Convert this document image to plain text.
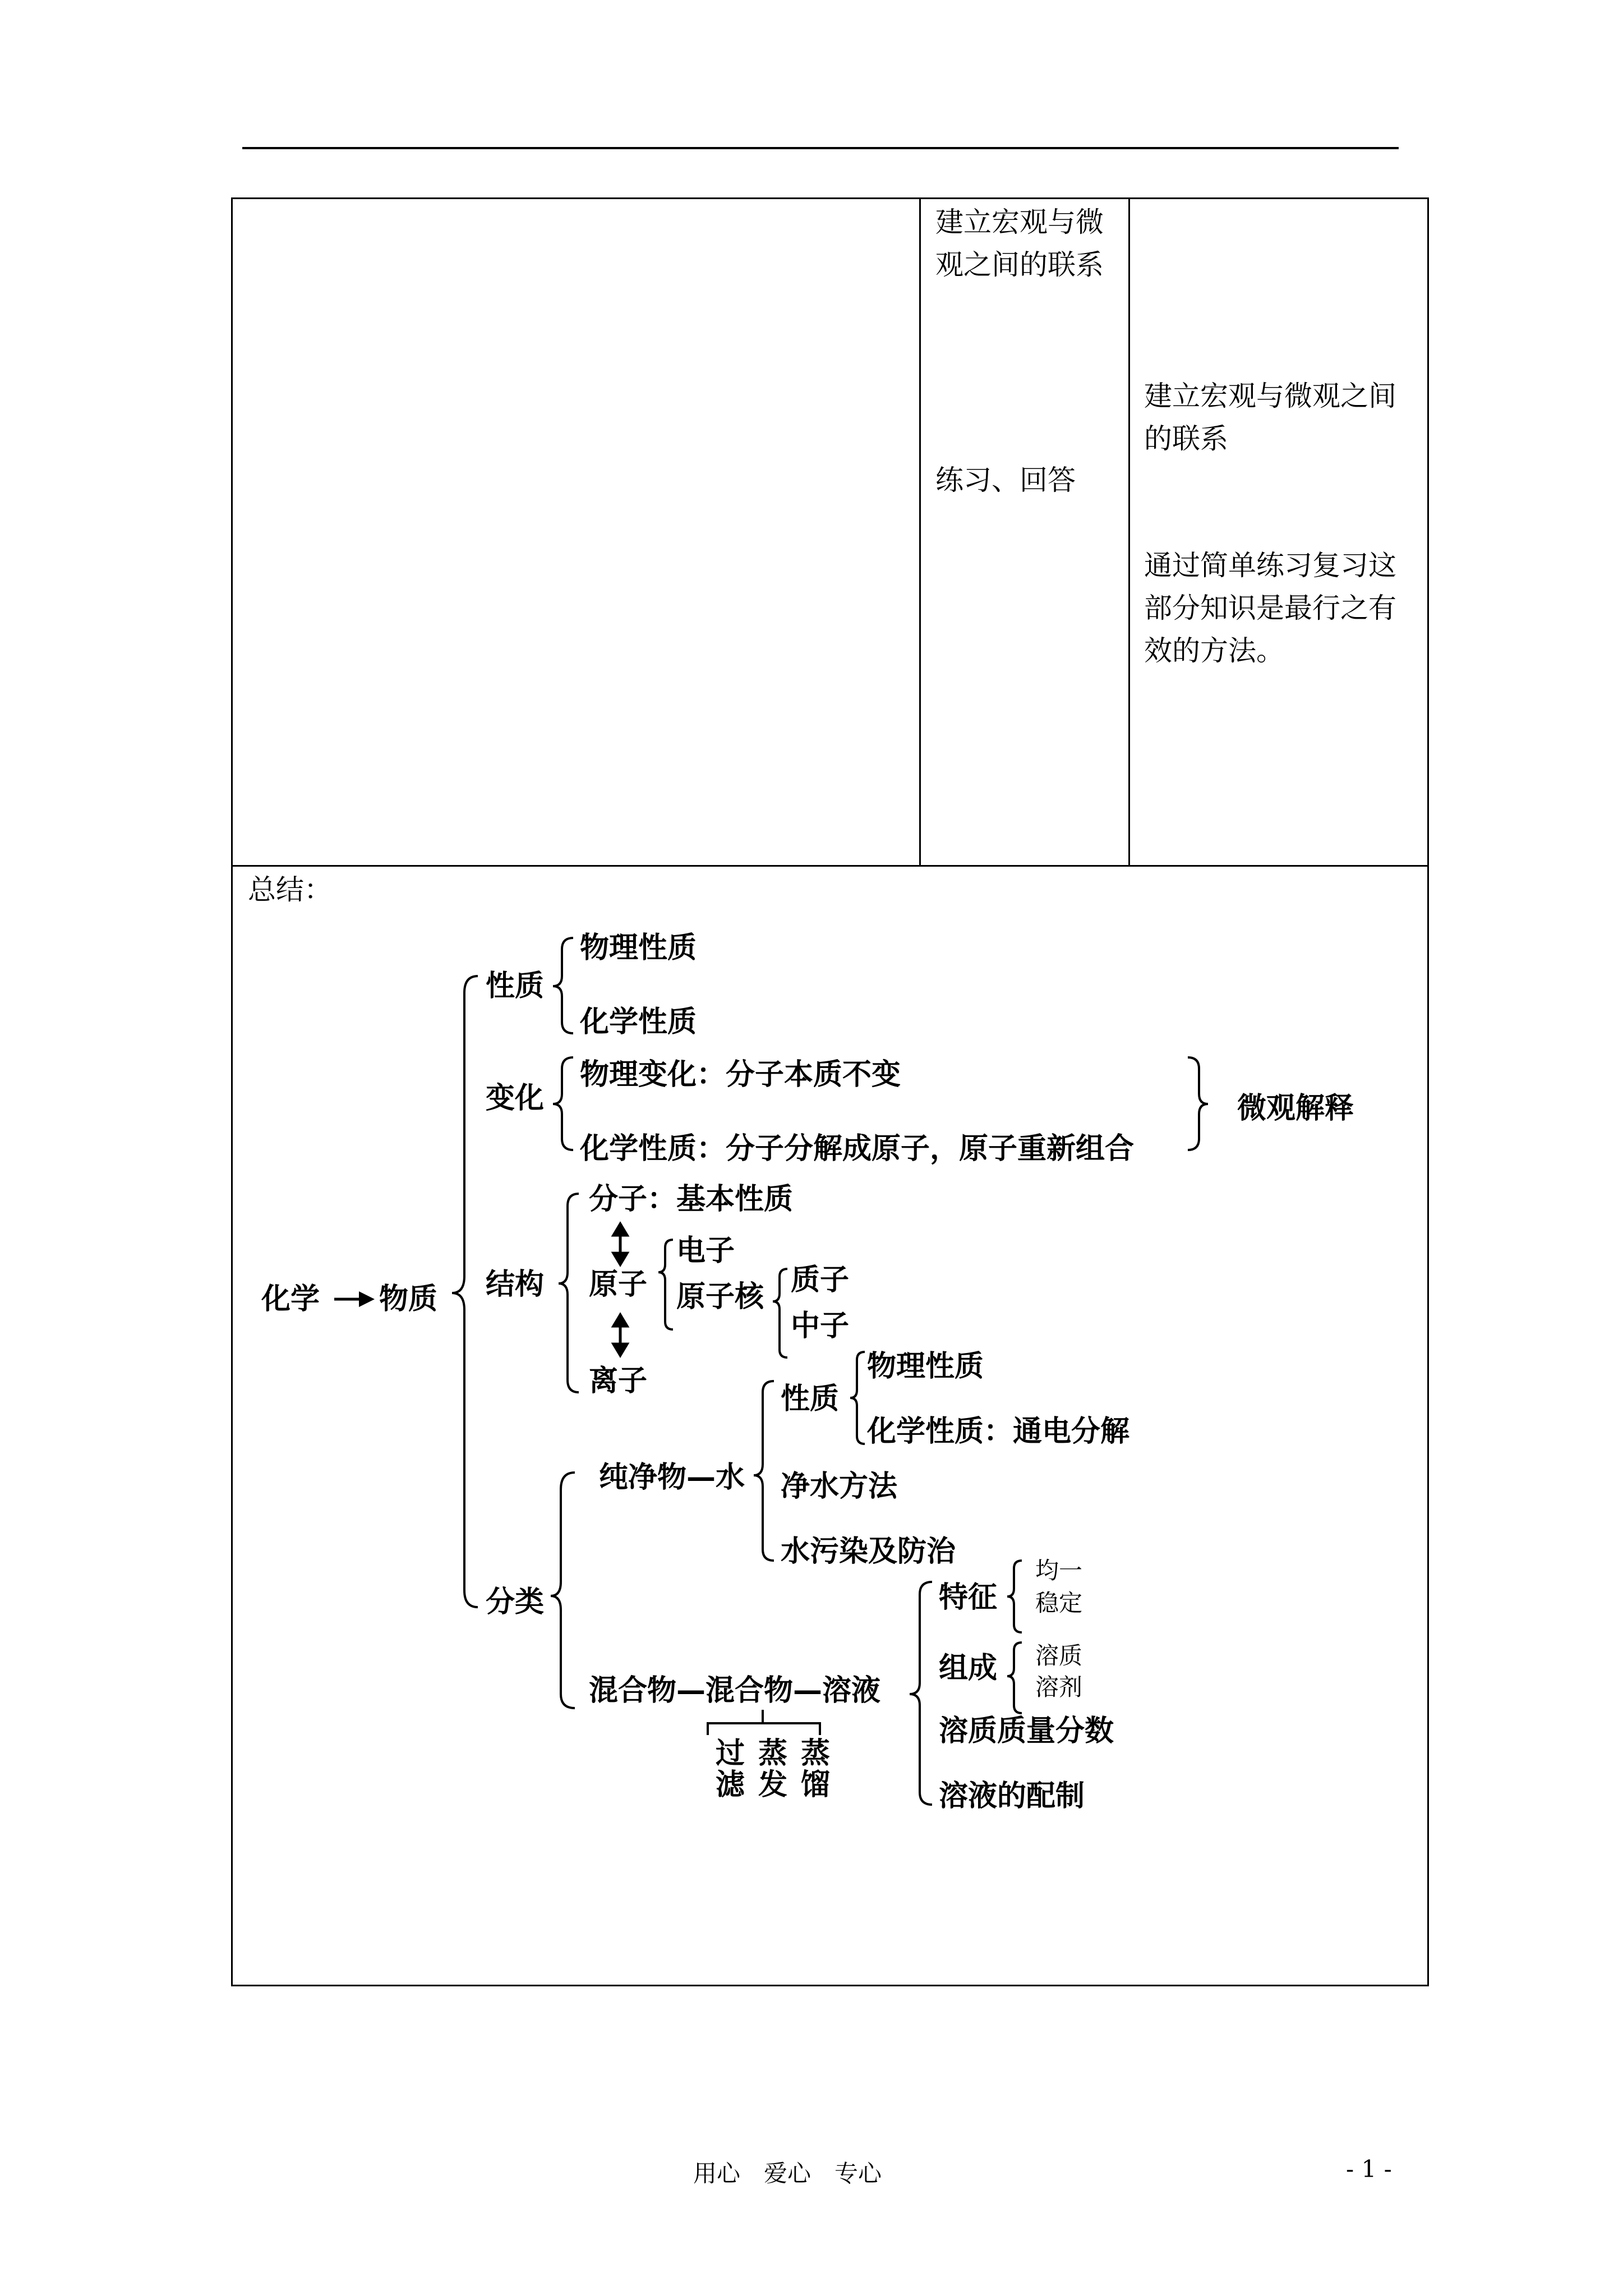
建立宏观与微观之间的联系
练习、回答
建立宏观与微观之间的联系
通过简单练习复习这部分知识是最行之有效的方法。
总结：
化学 物质
性质
物理性质
化学性质
变化
物理变化：分子本质不变
化学性质：分子分解成原子，原子重新组合
微观解释
结构
分子：基本性质
原子
电子
原子核 质子
中子
离子
分类
纯净物—水
性质
物理性质
化学性质：通电分解
净水方法
水污染及防治
混合物—混合物—溶液
过滤
蒸发
蒸馏
特征
均一
稳定
组成 溶质
溶剂
溶质质量分数
溶液的配制
用心　爱心　专心	- 1 -
